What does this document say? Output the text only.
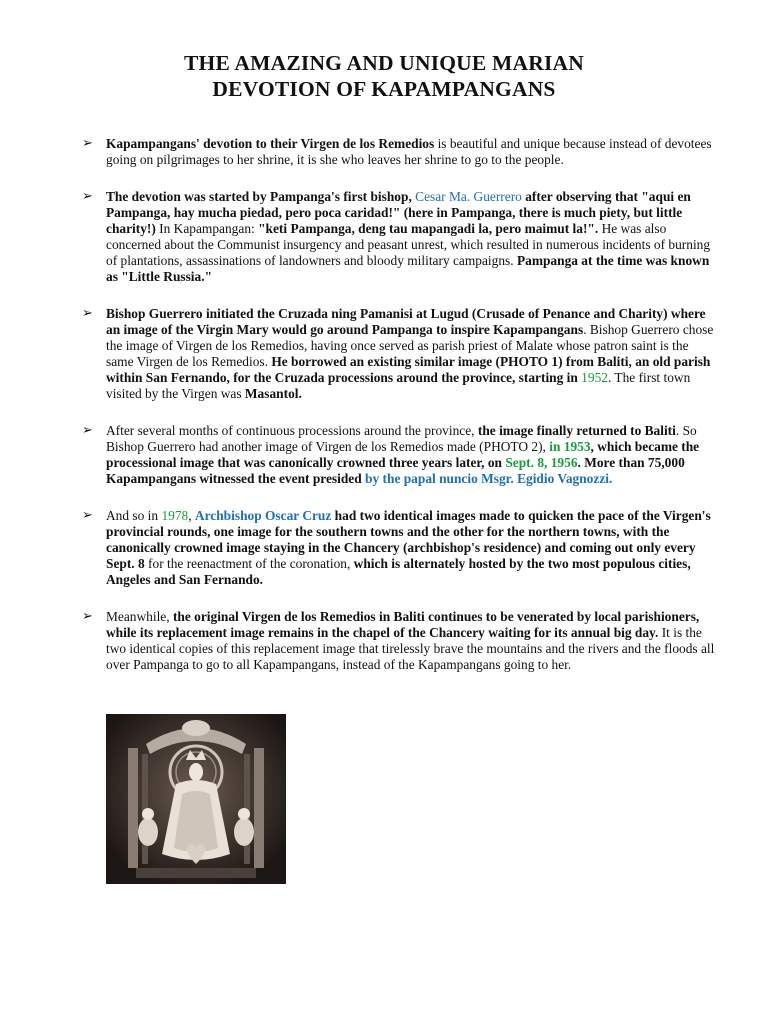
THE AMAZING AND UNIQUE MARIAN
DEVOTION OF KAPAMPANGANS
➢ Kapampangans' devotion to their Virgen de los Remedios is beautiful and unique because instead of devotees going on pilgrimages to her shrine, it is she who leaves her shrine to go to the people.

➢ The devotion was started by Pampanga's first bishop, Cesar Ma. Guerrero after observing that "aqui en Pampanga, hay mucha piedad, pero poca caridad!" (here in Pampanga, there is much piety, but little charity!) In Kapampangan: "keti Pampanga, deng tau mapangadi la, pero maimut la!". He was also concerned about the Communist insurgency and peasant unrest, which resulted in numerous incidents of burning of plantations, assassinations of landowners and bloody military campaigns. Pampanga at the time was known as "Little Russia."

➢ Bishop Guerrero initiated the Cruzada ning Pamanisi at Lugud (Crusade of Penance and Charity) where an image of the Virgin Mary would go around Pampanga to inspire Kapampangans. Bishop Guerrero chose the image of Virgen de los Remedios, having once served as parish priest of Malate whose patron saint is the same Virgen de los Remedios. He borrowed an existing similar image (PHOTO 1) from Baliti, an old parish within San Fernando, for the Cruzada processions around the province, starting in 1952. The first town visited by the Virgen was Masantol.

➢ After several months of continuous processions around the province, the image finally returned to Baliti. So Bishop Guerrero had another image of Virgen de los Remedios made (PHOTO 2), in 1953, which became the processional image that was canonically crowned three years later, on Sept. 8, 1956. More than 75,000 Kapampangans witnessed the event presided by the papal nuncio Msgr. Egidio Vagnozzi.

➢ And so in 1978, Archbishop Oscar Cruz had two identical images made to quicken the pace of the Virgen's provincial rounds, one image for the southern towns and the other for the northern towns, with the canonically crowned image staying in the Chancery (archbishop's residence) and coming out only every Sept. 8 for the reenactment of the coronation, which is alternately hosted by the two most populous cities, Angeles and San Fernando.

➢ Meanwhile, the original Virgen de los Remedios in Baliti continues to be venerated by local parishioners, while its replacement image remains in the chapel of the Chancery waiting for its annual big day. It is the two identical copies of this replacement image that tirelessly brave the mountains and the rivers and the floods all over Pampanga to go to all Kapampangans, instead of the Kapampangans going to her.
